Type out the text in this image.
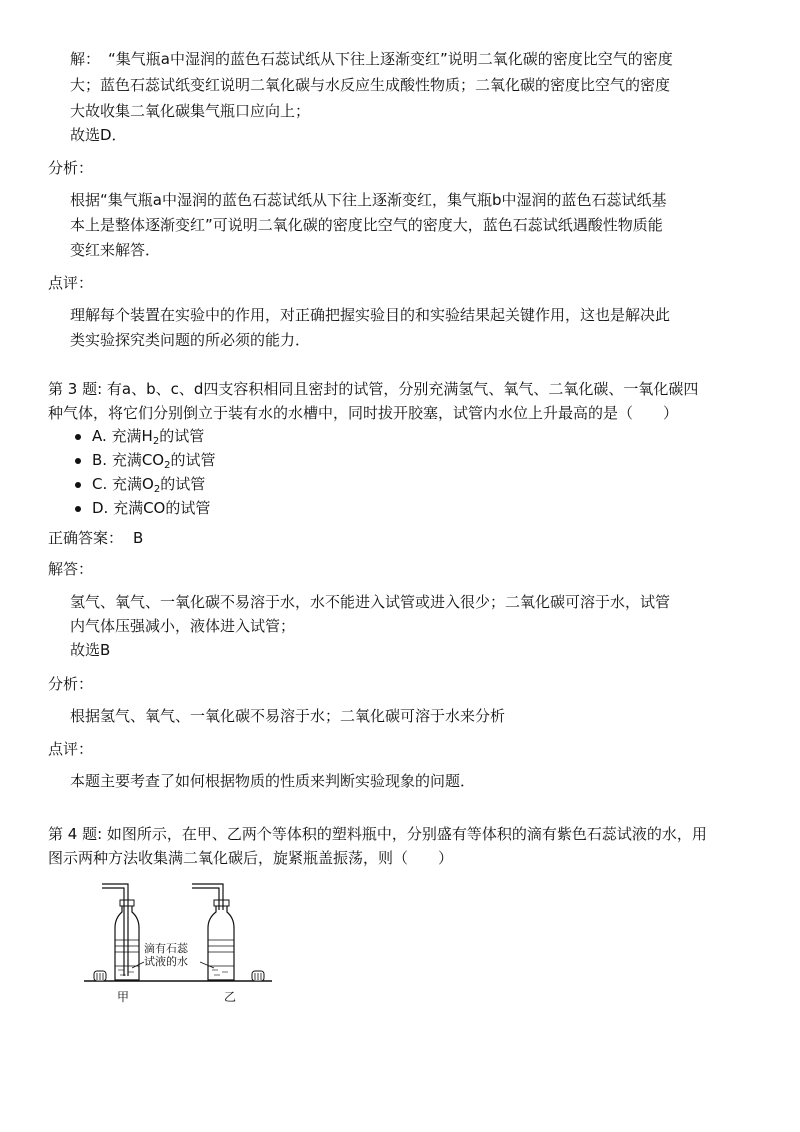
解： “集气瓶a中湿润的蓝色石蕊试纸从下往上逐渐变红”说明二氧化碳的密度比空气的密度
大；蓝色石蕊试纸变红说明二氧化碳与水反应生成酸性物质；二氧化碳的密度比空气的密度
大故收集二氧化碳集气瓶口应向上；
故选D．
分析：
根据“集气瓶a中湿润的蓝色石蕊试纸从下往上逐渐变红，集气瓶b中湿润的蓝色石蕊试纸基
本上是整体逐渐变红”可说明二氧化碳的密度比空气的密度大，蓝色石蕊试纸遇酸性物质能
变红来解答．
点评：
理解每个装置在实验中的作用，对正确把握实验目的和实验结果起关键作用，这也是解决此
类实验探究类问题的所必须的能力．
第 3 题: 有a、b、c、d四支容积相同且密封的试管，分别充满氢气、氧气、二氧化碳、一氧化碳四
种气体，将它们分别倒立于装有水的水槽中，同时拔开胶塞，试管内水位上升最高的是（　　）
A. 充满$H_2$的试管
B. 充满$CO_2$的试管
C. 充满$O_2$的试管
D. 充满CO的试管
正确答案： B
解答：
氢气、氧气、一氧化碳不易溶于水，水不能进入试管或进入很少；二氧化碳可溶于水，试管
内气体压强减小，液体进入试管；
故选B
分析：
根据氢气、氧气、一氧化碳不易溶于水；二氧化碳可溶于水来分析
点评：
本题主要考查了如何根据物质的性质来判断实验现象的问题．
第 4 题: 如图所示，在甲、乙两个等体积的塑料瓶中，分别盛有等体积的滴有紫色石蕊试液的水，用
图示两种方法收集满二氧化碳后，旋紧瓶盖振荡，则（　　）
滴有石蕊
试液的水
甲	乙
